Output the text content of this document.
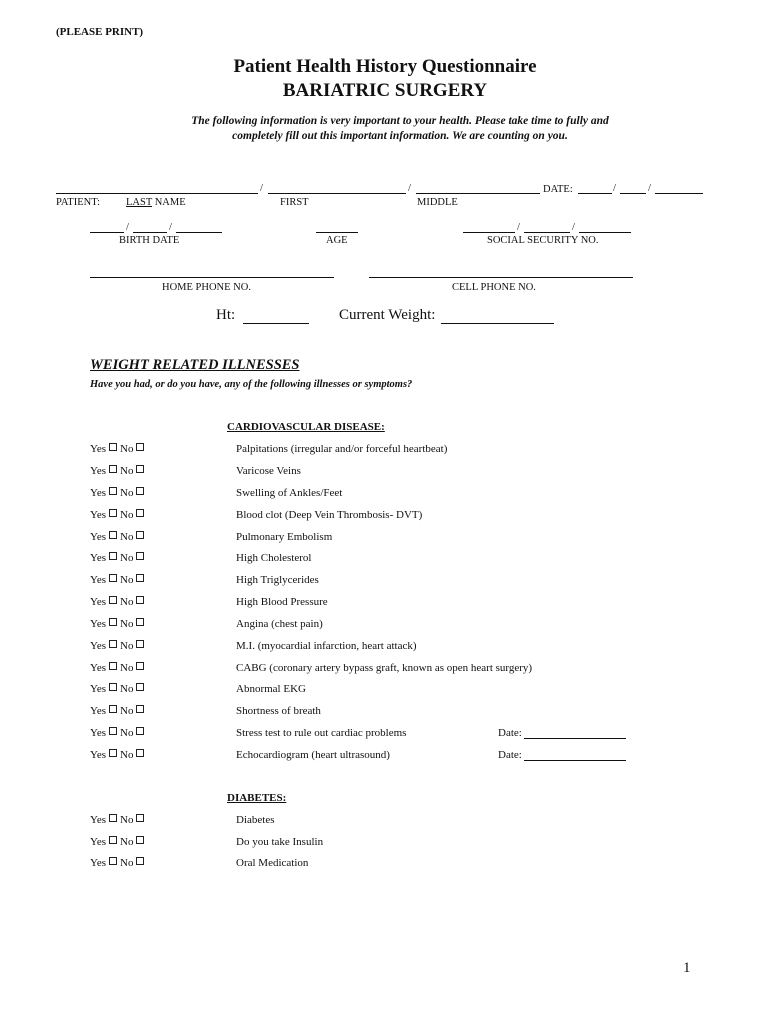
(PLEASE PRINT)
Patient Health History Questionnaire
BARIATRIC SURGERY
The following information is very important to your health. Please take time to fully and
completely fill out this important information. We are counting on you.
/	/	DATE:	/	/
PATIENT: LAST NAME	FIRST	MIDDLE
/	/	/	/
BIRTH DATE	AGE	SOCIAL SECURITY NO.
HOME PHONE NO.	CELL PHONE NO.
Ht:	Current Weight:
WEIGHT RELATED ILLNESSES
Have you had, or do you have, any of the following illnesses or symptoms?
CARDIOVASCULAR DISEASE:
Yes No	Palpitations (irregular and/or forceful heartbeat)
Yes No	Varicose Veins
Yes No	Swelling of Ankles/Feet
Yes No	Blood clot (Deep Vein Thrombosis- DVT)
Yes No	Pulmonary Embolism
Yes No	High Cholesterol
Yes No	High Triglycerides
Yes No	High Blood Pressure
Yes No	Angina (chest pain)
Yes No	M.I. (myocardial infarction, heart attack)
Yes No	CABG (coronary artery bypass graft, known as open heart surgery)
Yes No	Abnormal EKG
Yes No	Shortness of breath
Yes No	Stress test to rule out cardiac problems	Date:
Yes No	Echocardiogram (heart ultrasound)	Date:
DIABETES:
Yes No	Diabetes
Yes No	Do you take Insulin
Yes No	Oral Medication
1
